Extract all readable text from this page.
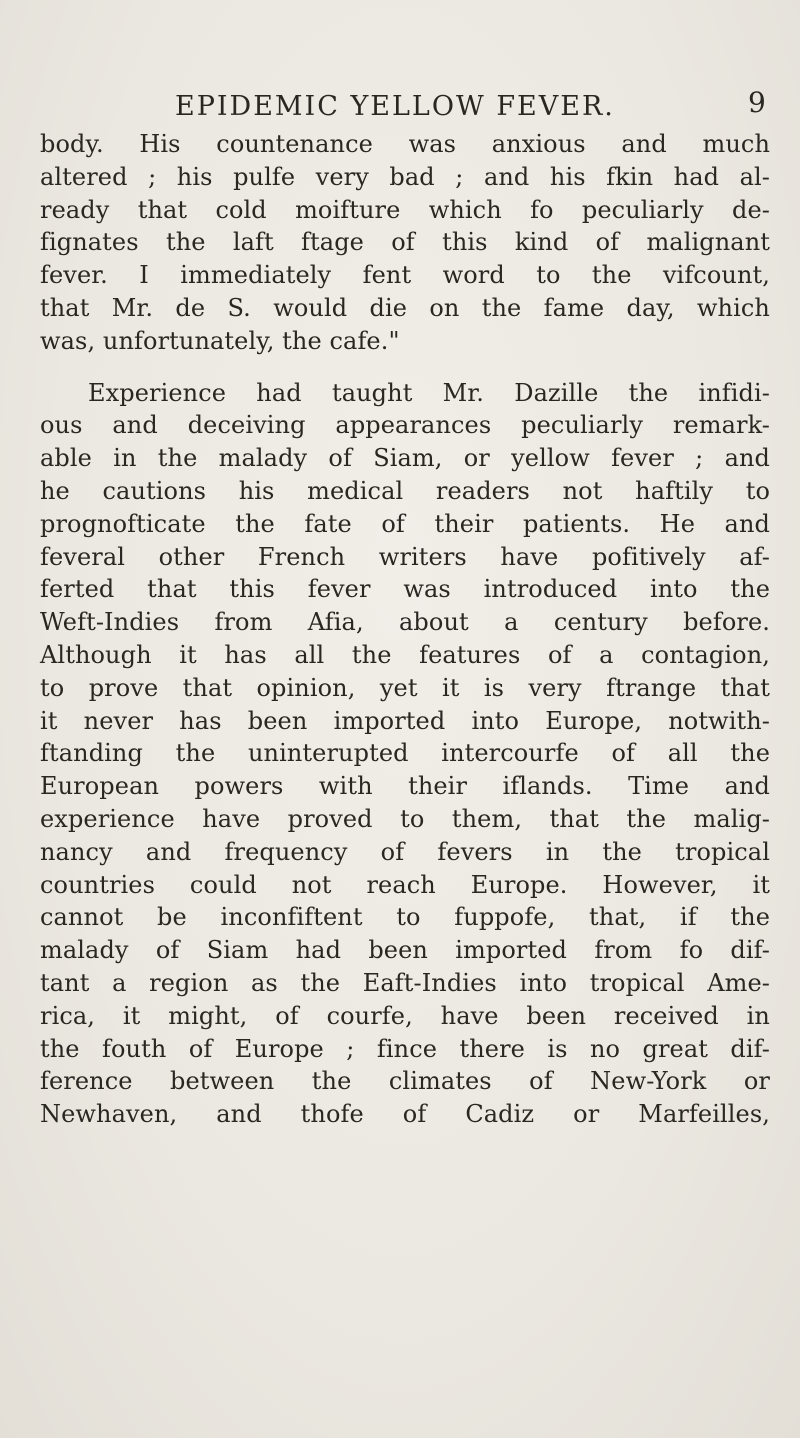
EPIDEMIC YELLOW FEVER.	9
body. His countenance was anxious and much
altered ; his pulfe very bad ; and his fkin had al-
ready that cold moifture which fo peculiarly de-
fignates the laft ftage of this kind of malignant
fever. I immediately fent word to the vifcount,
that Mr. de S. would die on the fame day, which
was, unfortunately, the cafe."
Experience had taught Mr. Dazille the infidi-
ous and deceiving appearances peculiarly remark-
able in the malady of Siam, or yellow fever ; and
he cautions his medical readers not haftily to
prognofticate the fate of their patients. He and
feveral other French writers have pofitively af-
ferted that this fever was introduced into the
Weft-Indies from Afia, about a century before.
Although it has all the features of a contagion,
to prove that opinion, yet it is very ftrange that
it never has been imported into Europe, notwith-
ftanding the uninterupted intercourfe of all the
European powers with their iflands. Time and
experience have proved to them, that the malig-
nancy and frequency of fevers in the tropical
countries could not reach Europe. However, it
cannot be inconfiftent to fuppofe, that, if the
malady of Siam had been imported from fo dif-
tant a region as the Eaft-Indies into tropical Ame-
rica, it might, of courfe, have been received in
the fouth of Europe ; fince there is no great dif-
ference between the climates of New-York or
Newhaven, and thofe of Cadiz or Marfeilles,
